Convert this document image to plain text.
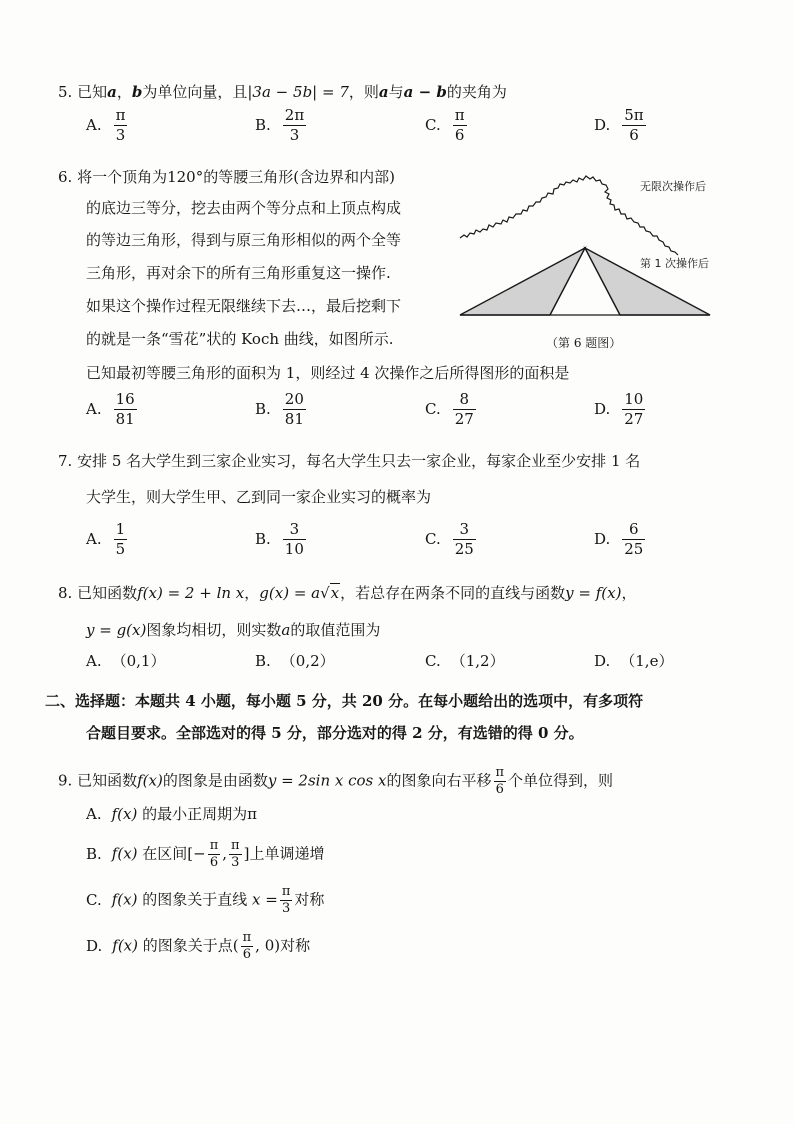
5. 已知a，b为单位向量，且|3a − 5b| = 7，则a与a − b的夹角为
A. $\frac{\pi}{3}$	B. $\frac{2\pi}{3}$	C. $\frac{\pi}{6}$	D. $\frac{5\pi}{6}$
6. 将一个顶角为120°的等腰三角形(含边界和内部)
的底边三等分，挖去由两个等分点和上顶点构成
的等边三角形，得到与原三角形相似的两个全等
三角形，再对余下的所有三角形重复这一操作.
如果这个操作过程无限继续下去…，最后挖剩下
的就是一条“雪花”状的 Koch 曲线，如图所示.
已知最初等腰三角形的面积为 1，则经过 4 次操作之后所得图形的面积是
无限次操作后
第 1 次操作后
（第 6 题图）
A. $\frac{16}{81}$	B. $\frac{20}{81}$	C. $\frac{8}{27}$	D. $\frac{10}{27}$
7. 安排 5 名大学生到三家企业实习，每名大学生只去一家企业，每家企业至少安排 1 名
大学生，则大学生甲、乙到同一家企业实习的概率为
A. $\frac{1}{5}$	B. $\frac{3}{10}$	C. $\frac{3}{25}$	D. $\frac{6}{25}$
8. 已知函数f(x) = 2 + ln x，g(x) = a√x，若总存在两条不同的直线与函数y = f(x)，
y = g(x)图象均相切，则实数a的取值范围为
A. （0,1）	B. （0,2）	C. （1,2）	D. （1,e）
二、选择题：本题共 4 小题，每小题 5 分，共 20 分。在每小题给出的选项中，有多项符
合题目要求。全部选对的得 5 分，部分选对的得 2 分，有选错的得 0 分。
9. 已知函数f(x)的图象是由函数y = 2sin x cos x的图象向右平移 $\frac{\pi}{6}$ 个单位得到，则
A. f(x) 的最小正周期为π
B. f(x) 在区间[− $\frac{\pi}{6}$ , $\frac{\pi}{3}$ ]上单调递增
C. f(x) 的图象关于直线 $x = \frac{\pi}{3}$ 对称
D. f(x) 的图象关于点( $\frac{\pi}{6}$ , 0)对称
